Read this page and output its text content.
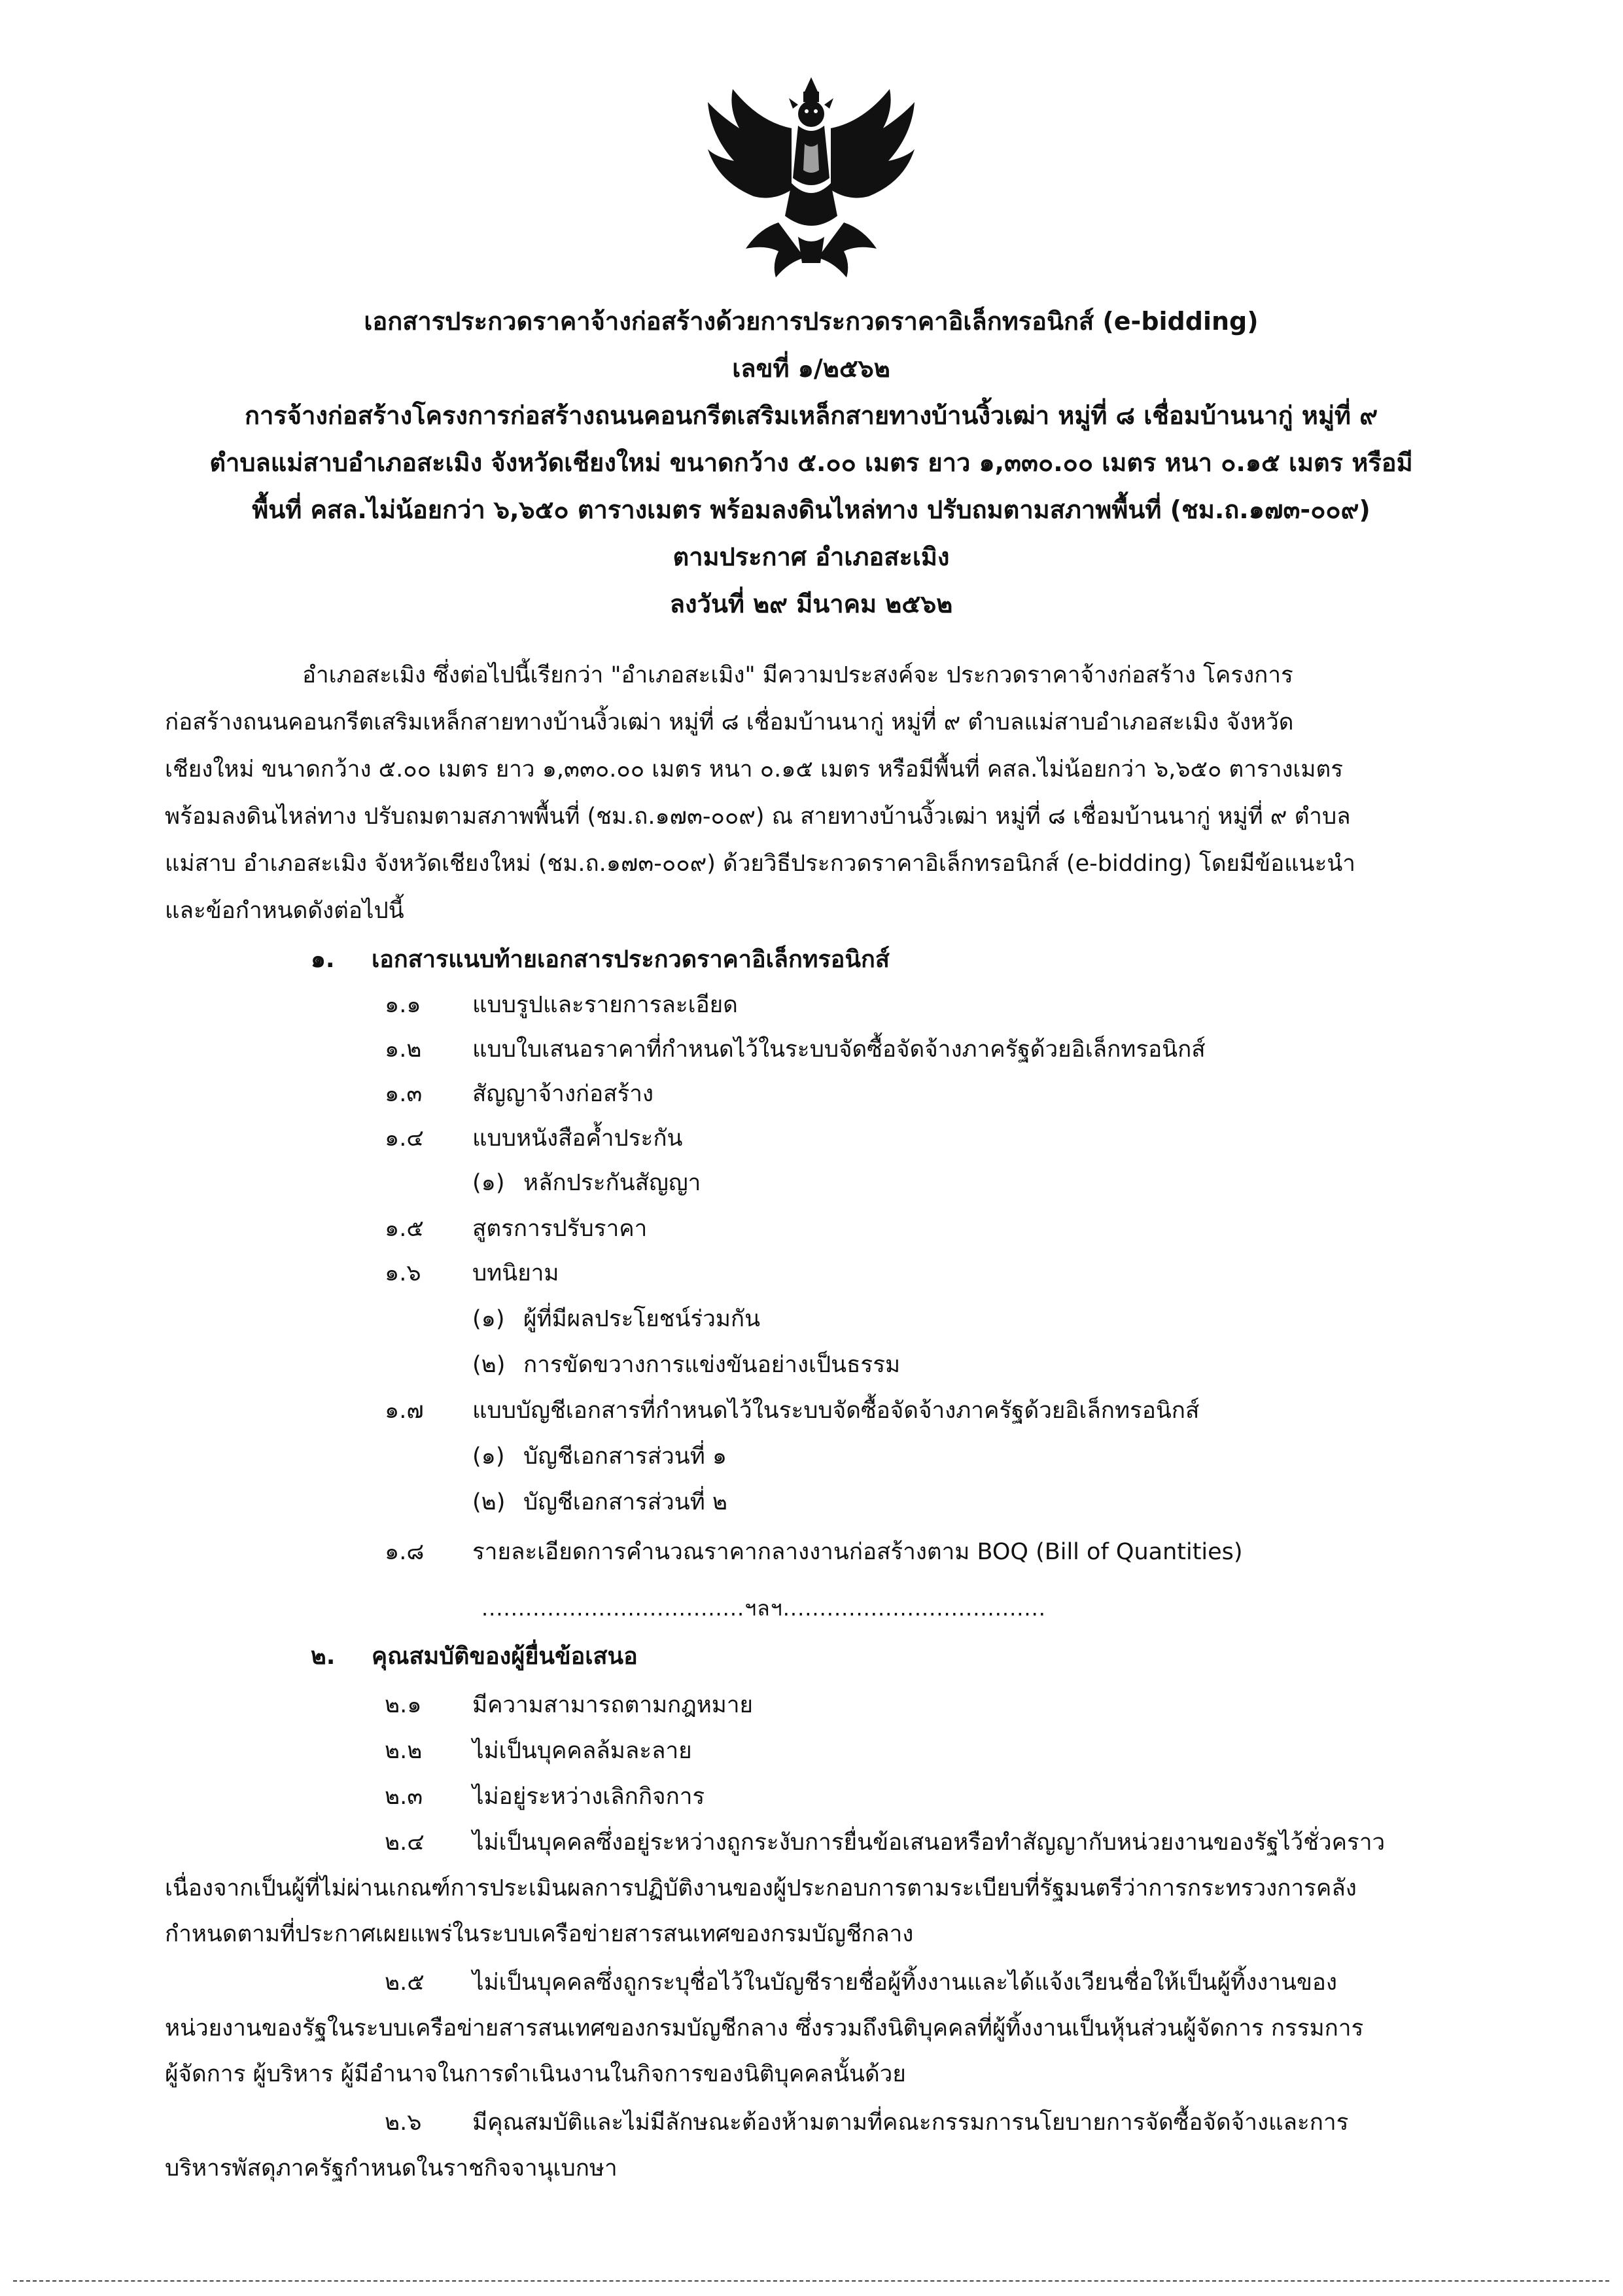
เอกสารประกวดราคาจ้างก่อสร้างด้วยการประกวดราคาอิเล็กทรอนิกส์ (e-bidding)
เลขที่ ๑/๒๕๖๒
การจ้างก่อสร้างโครงการก่อสร้างถนนคอนกรีตเสริมเหล็กสายทางบ้านงิ้วเฒ่า หมู่ที่ ๘ เชื่อมบ้านนากู่ หมู่ที่ ๙
ตำบลแม่สาบอำเภอสะเมิง จังหวัดเชียงใหม่ ขนาดกว้าง ๕.๐๐ เมตร ยาว ๑,๓๓๐.๐๐ เมตร หนา ๐.๑๕ เมตร หรือมี
พื้นที่ คสล.ไม่น้อยกว่า ๖,๖๕๐ ตารางเมตร พร้อมลงดินไหล่ทาง ปรับถมตามสภาพพื้นที่ (ชม.ถ.๑๗๓-๐๐๙)
ตามประกาศ อำเภอสะเมิง
ลงวันที่ ๒๙ มีนาคม ๒๕๖๒
อำเภอสะเมิง ซึ่งต่อไปนี้เรียกว่า "อำเภอสะเมิง" มีความประสงค์จะ ประกวดราคาจ้างก่อสร้าง โครงการ
ก่อสร้างถนนคอนกรีตเสริมเหล็กสายทางบ้านงิ้วเฒ่า หมู่ที่ ๘ เชื่อมบ้านนากู่ หมู่ที่ ๙ ตำบลแม่สาบอำเภอสะเมิง จังหวัด
เชียงใหม่ ขนาดกว้าง ๕.๐๐ เมตร ยาว ๑,๓๓๐.๐๐ เมตร หนา ๐.๑๕ เมตร หรือมีพื้นที่ คสล.ไม่น้อยกว่า ๖,๖๕๐ ตารางเมตร
พร้อมลงดินไหล่ทาง ปรับถมตามสภาพพื้นที่ (ชม.ถ.๑๗๓-๐๐๙) ณ สายทางบ้านงิ้วเฒ่า หมู่ที่ ๘ เชื่อมบ้านนากู่ หมู่ที่ ๙ ตำบล
แม่สาบ อำเภอสะเมิง จังหวัดเชียงใหม่ (ชม.ถ.๑๗๓-๐๐๙) ด้วยวิธีประกวดราคาอิเล็กทรอนิกส์ (e-bidding) โดยมีข้อแนะนำ
และข้อกำหนดดังต่อไปนี้
๑. เอกสารแนบท้ายเอกสารประกวดราคาอิเล็กทรอนิกส์
๑.๑ แบบรูปและรายการละเอียด
๑.๒ แบบใบเสนอราคาที่กำหนดไว้ในระบบจัดซื้อจัดจ้างภาครัฐด้วยอิเล็กทรอนิกส์
๑.๓ สัญญาจ้างก่อสร้าง
๑.๔ แบบหนังสือค้ำประกัน
(๑) หลักประกันสัญญา
๑.๕ สูตรการปรับราคา
๑.๖ บทนิยาม
(๑) ผู้ที่มีผลประโยชน์ร่วมกัน
(๒) การขัดขวางการแข่งขันอย่างเป็นธรรม
๑.๗ แบบบัญชีเอกสารที่กำหนดไว้ในระบบจัดซื้อจัดจ้างภาครัฐด้วยอิเล็กทรอนิกส์
(๑) บัญชีเอกสารส่วนที่ ๑
(๒) บัญชีเอกสารส่วนที่ ๒
๑.๘ รายละเอียดการคำนวณราคากลางงานก่อสร้างตาม BOQ (Bill of Quantities)
....................................ฯลฯ....................................
๒. คุณสมบัติของผู้ยื่นข้อเสนอ
๒.๑ มีความสามารถตามกฎหมาย
๒.๒ ไม่เป็นบุคคลล้มละลาย
๒.๓ ไม่อยู่ระหว่างเลิกกิจการ
๒.๔ ไม่เป็นบุคคลซึ่งอยู่ระหว่างถูกระงับการยื่นข้อเสนอหรือทำสัญญากับหน่วยงานของรัฐไว้ชั่วคราว
เนื่องจากเป็นผู้ที่ไม่ผ่านเกณฑ์การประเมินผลการปฏิบัติงานของผู้ประกอบการตามระเบียบที่รัฐมนตรีว่าการกระทรวงการคลัง
กำหนดตามที่ประกาศเผยแพร่ในระบบเครือข่ายสารสนเทศของกรมบัญชีกลาง
๒.๕ ไม่เป็นบุคคลซึ่งถูกระบุชื่อไว้ในบัญชีรายชื่อผู้ทิ้งงานและได้แจ้งเวียนชื่อให้เป็นผู้ทิ้งงานของ
หน่วยงานของรัฐในระบบเครือข่ายสารสนเทศของกรมบัญชีกลาง ซึ่งรวมถึงนิติบุคคลที่ผู้ทิ้งงานเป็นหุ้นส่วนผู้จัดการ กรรมการ
ผู้จัดการ ผู้บริหาร ผู้มีอำนาจในการดำเนินงานในกิจการของนิติบุคคลนั้นด้วย
๒.๖ มีคุณสมบัติและไม่มีลักษณะต้องห้ามตามที่คณะกรรมการนโยบายการจัดซื้อจัดจ้างและการ
บริหารพัสดุภาครัฐกำหนดในราชกิจจานุเบกษา
